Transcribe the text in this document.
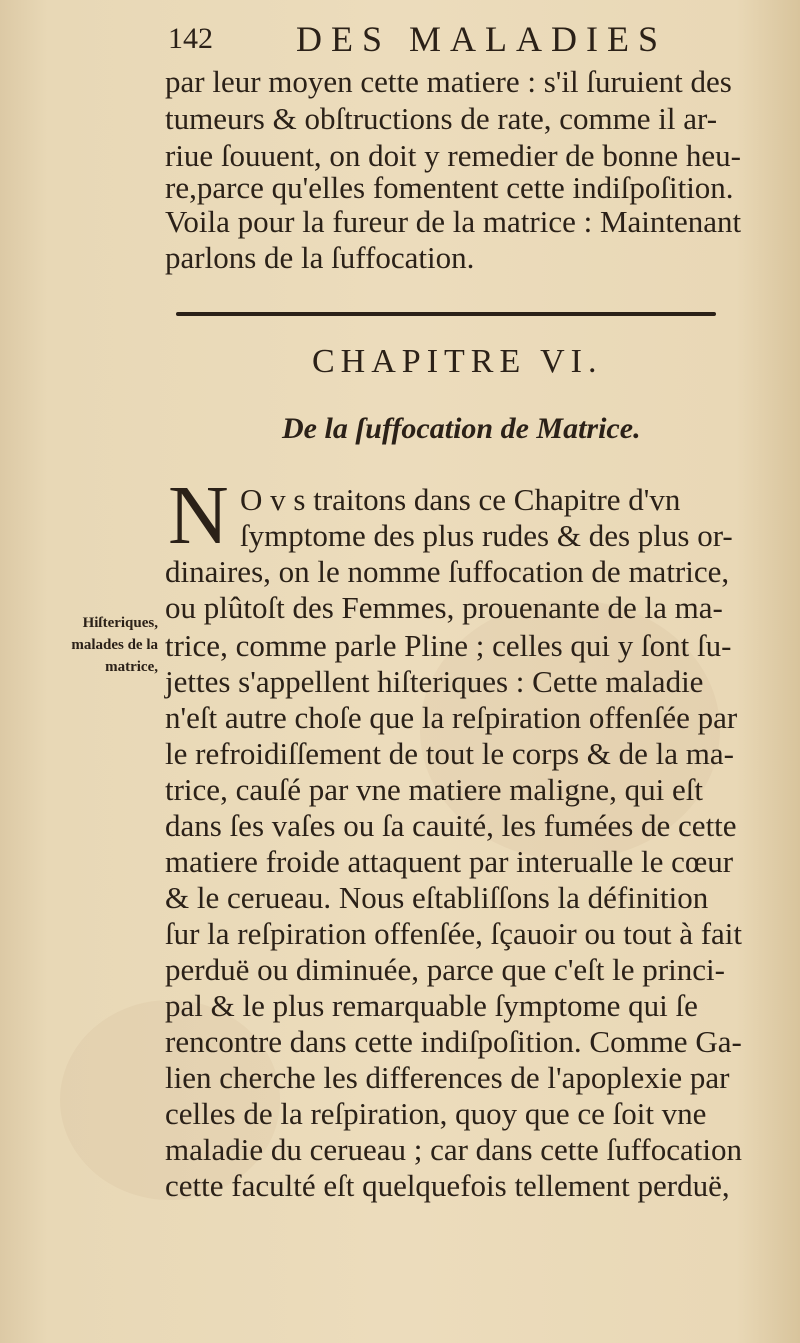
142 DES MALADIES
par leur moyen cette matiere : s'il ſuruient des
tumeurs & obſtructions de rate, comme il ar-
riue ſouuent, on doit y remedier de bonne heu-
re,parce qu'elles fomentent cette indiſpoſition.
Voila pour la fureur de la matrice : Maintenant
parlons de la ſuffocation.
CHAPITRE VI.
De la ſuffocation de Matrice.
N O v s traitons dans ce Chapitre d'vn
ſymptome des plus rudes & des plus or-
dinaires, on le nomme ſuffocation de matrice,
ou plûtoſt des Femmes, prouenante de la ma-
trice, comme parle Pline ; celles qui y ſont ſu-
jettes s'appellent hiſteriques : Cette maladie
n'eſt autre choſe que la reſpiration offenſée par
le refroidiſſement de tout le corps & de la ma-
trice, cauſé par vne matiere maligne, qui eſt
dans ſes vaſes ou ſa cauité, les fumées de cette
matiere froide attaquent par interualle le cœur
& le cerueau. Nous eſtabliſſons la définition
ſur la reſpiration offenſée, ſçauoir ou tout à fait
perduë ou diminuée, parce que c'eſt le princi-
pal & le plus remarquable ſymptome qui ſe
rencontre dans cette indiſpoſition. Comme Ga-
lien cherche les differences de l'apoplexie par
celles de la reſpiration, quoy que ce ſoit vne
maladie du cerueau ; car dans cette ſuffocation
cette faculté eſt quelquefois tellement perduë,
Hiſteriques,
malades de la
matrice,
